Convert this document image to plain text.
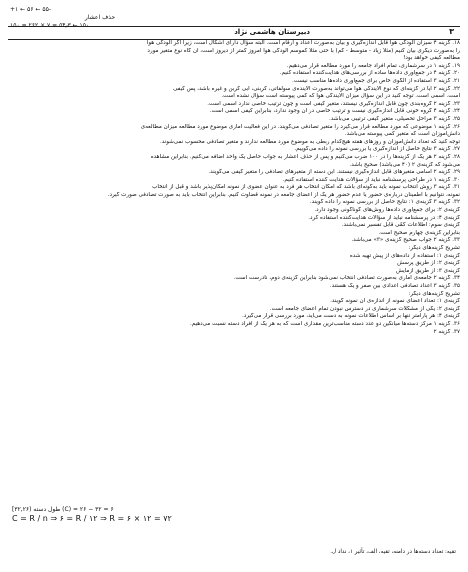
+۱ ← ۵۶ ← ۵۵-
حذف اعشار
۱۵۰ = ۲۶۲ × ۷ = ۵۴٫۳ ← ۱۵۰
دبیرستان هاشمی نژاد	۳
۱۸. گزینه ۴ سیزان آلودگی هوا قابل اندازه‌گیری و بیان به‌صورت اعداد و ارقام است. البته سؤال دارای اشکال است، زیرا اگر آلودگی هوا
را به‌صورت دیگری بیان کنیم (مثلاً زیاد - متوسط - کم) با حتی مثلاً کموسم آلودگی هوا امروز کمتر از دیروز است، آن گاه نوع متغیر مورد
مطالعه کیفی خواهد بود!
۱۹. گزینه ۱ در سرشماری، تمام افراد جامعه را مورد مطالعه قرار می‌دهیم.
۲۰. گزینه ۴ در جمع‌آوری داده‌ها ساده از بررسی‌های هدایت‌کننده استفاده کنیم.
۲۱. گزینه ۳ استفاده از الگوی خاص برای جمع‌آوری داده‌ها مناسب نیست.
۲۲. گزینه ۲ آیا در گزینه‌ای که نوع آلایندگی هوا می‌تواند به‌صورت آلاینده‌ی سولفاتی، کربنی، آبی کربن و غیره باشد، پس کیفی
است. اسمی است. توجه کنید در این سؤال میزان آلایندگی هوا که کمی پیوسته است سؤال نشده است.
۲۳. گزینه ۲ گروه‌بندی چون قابل اندازه‌گیری نیستند، متغیر کیفی است و چون ترتیب خاصی ندارد اسمی است.
۲۴. گزینه ۴ گروه خونی قابل اندازه‌گیری نیست و ترتیب خاصی در آن وجود ندارد، بنابراین کیفی اسمی است.
۲۵. گزینه ۳ مراحل تحصیلی، متغیر کیفی ترتیبی می‌باشد.
۲۶. گزینه ۱ موضوعی که مورد مطالعه قرار می‌گیرد را متغیر تصادفی می‌گویند. در این فعالیت آماری موضوع مورد مطالعه میزان مطالعه‌ی
دانش‌آموزان است که متغیر کمی پیوسته می‌باشد.
توجه کنید که تعداد دانش‌آموزان و روزهای هفته هیچ‌کدام ربطی به موضوع مورد مطالعه ندارند و متغیر تصادفی محسوب نمی‌شوند.
۲۷. گزینه ۳ نتایج حاصل از اندازه‌گیری یا بررسی نمونه را داده می‌گوییم.
۲۸. گزینه ۲ هر یک از گزینه‌ها را در ۱۰۰ ضرب می‌کنیم و پس از حذف اعشار به جواب حاصل یک واحد اضافه می‌کنیم. بنابراین مشاهده
می‌شود که گزینه‌ی ۲ (۴۰ می‌باشد) صحیح باشد.
۲۹. گزینه ۲ اسامی متغیرهای قابل اندازه‌گیری نیستند. این دسته از متغیرهای تصادفی را متغیر کیفی می‌گویند.
۳۰. گزینه ۱ در طراحی پرسشنامه نباید از سؤالات هدایت کننده استفاده کنیم.
۳۱. گزینه ۳ روش انتخاب نمونه باید به‌گونه‌ای باشد که امکان انتخاب هر فرد به عنوان عضوی از نمونه امکان‌پذیر باشد و قبل از انتخاب
نمونه، نتوانیم با اطمینان درباره‌ی حضور یا عدم حضور هر یک از اعضای جامعه در نمونه قضاوت کنیم. بنابراین انتخاب باید به صورت تصادفی صورت گیرد.
۳۲. گزینه ۳ گزینه‌ی ۱: نتایج حاصل از بررسی نمونه را داده گویند.
گزینه‌ی ۲: برای جمع‌آوری داده‌ها روش‌های گوناگونی وجود دارد.
گزینه‌ی ۴: در پرسشنامه نباید از سؤالات هدایت‌کننده استفاده کرد.
گزینه‌ی سوم: اطلاعات کمّی قابل تفسیر نمی‌باشند.
بنابراین گزینه‌ی چهارم صحیح است.
۳۳. گزینه ۲ جواب صحیح گزینه‌ی «۳» می‌باشد.
تشریح گزینه‌های دیگر:
گزینه‌ی ۱: استفاده از داده‌های از پیش تهیه شده
گزینه‌ی ۲: از طریق پرسش
گزینه‌ی ۳: از طریق آزمایش
۳۴. گزینه ۲ جامعه‌ی آماری به‌صورت تصادفی انتخاب نمی‌شود بنابراین گزینه‌ی دوم، نادرست است.
۳۵. گزینه ۳ اعداد تصادفی اعدادی بین صفر و یک هستند.
تشریح گزینه‌های دیگر:
گزینه‌ی ۱: تعداد اعضای نمونه از اندازه‌ی آن نمونه گویند.
گزینه‌ی ۲: یکی از مشکلات سرشماری در دسترس نبودن تمام اعضای جامعه است.
گزینه‌ی ۴: هر پارامتر تنها بر اساس اطلاعات نمونه به دست می‌آید، مورد بررسی قرار می‌گیرد.
۳۶. گزینه ۱ مرکز دسته‌ها میانگین دو عدد دسته مناسب‌ترین مقداری است که به هر یک از افراد دسته نسبت می‌دهیم.
۳۷. گزینه ۲
[۳۲,۲۶) طول دسته (C) = ۲۶ − ۳۲ = ۶
C = R / n ⇒ ۶ = R / ۱۲ ⇒ R = ۶ × ۱۲ = ۷۲
تقیه: تعداد دسته‌ها در دامنه، تقیه، الف، تأثیر ۱، نداد ل.
